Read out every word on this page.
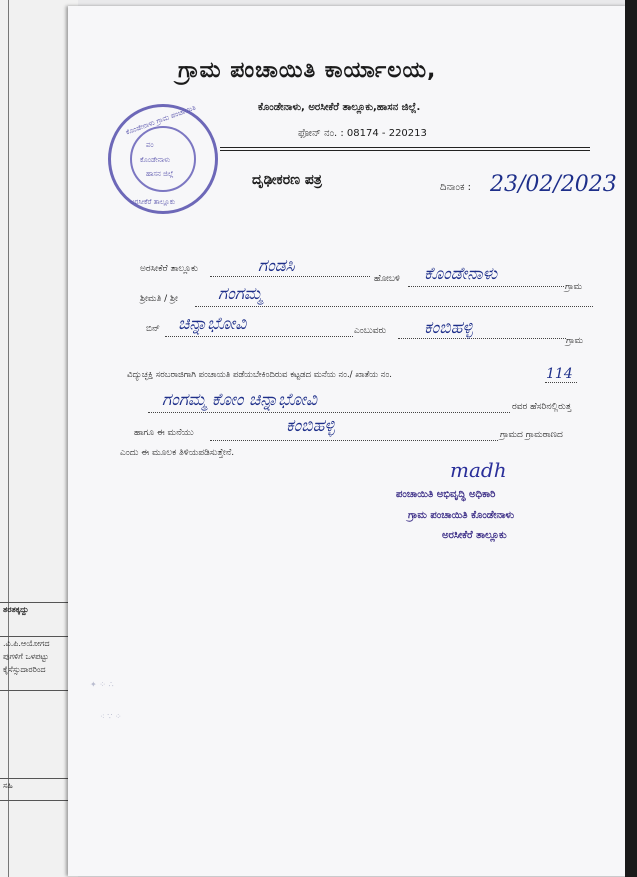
ತರತಕ್ಕದ್ದು
.ವಿ.ಪಿ.ಆಯೋಗದ
ಪುಗಳಿಗೆ ಒಳಪಟ್ಟು
ಕೈಸೆಸ್ಸುದಾರರಿಂದ
ಸಹಿ
ಗ್ರಾಮ ಪಂಚಾಯಿತಿ ಕಾರ್ಯಾಲಯ,
ಕೊಂಡೇನಾಳು, ಅರಸೀಕೆರೆ ತಾಲ್ಲೂಕು,ಹಾಸನ ಜಿಲ್ಲೆ.
ಫೋನ್ ನಂ. : 08174 - 220213
ಕೊಂಡೇನಾಳು ಗ್ರಾಮ ಪಂಚಾಯಿತಿ
ಅರಸೀಕೆರೆ ತಾಲ್ಲೂಕು
ಪಂ
ಕೊಂಡೇನಾಳು
ಹಾಸನ ಜಿಲ್ಲೆ	ದೃಢೀಕರಣ ಪತ್ರ	ದಿನಾಂಕ : 23/02/2023
ಅರಸೀಕೆರೆ ತಾಲ್ಲೂಕು	ಗಂಡಸಿ
ಹೋಬಳಿ ಕೊಂಡೇನಾಳು
ಗ್ರಾಮ
ಶ್ರೀಮತಿ / ಶ್ರೀ ಗಂಗಮ್ಮ
ಬಿನ್ ಚಿನ್ನಾಭೋವಿ	ಎಂಬುವರು ಕಂಬಿಹಳ್ಳಿ
ಗ್ರಾಮ
ವಿದ್ಯುಚ್ಛಕ್ತಿ ಸರಬರಾಜಿಗಾಗಿ ಪಂಚಾಯತಿ ಪಡೆಯಬೇಕಿಂದಿರುವ ಕಟ್ಟಡದ ಮನೆಯ ನಂ./ ಖಾತೆಯ ನಂ.	114
ಗಂಗಮ್ಮ ಕೋಂ ಚಿನ್ನಾಭೋವಿ	ರವರ ಹೆಸರಿನಲ್ಲಿರುತ್ತ
ಹಾಗೂ ಈ ಮನೆಯು	ಕಂಬಿಹಳ್ಳಿ	ಗ್ರಾಮದ ಗ್ರಾಮಠಾಣದ
ಎಂದು ಈ ಮೂಲಕ ತಿಳಿಯಪಡಿಸುತ್ತೇನೆ.
madh
ಪಂಚಾಯಿತಿ ಅಭಿವೃದ್ಧಿ ಅಧಿಕಾರಿ
ಗ್ರಾಮ ಪಂಚಾಯಿತಿ ಕೊಂಡೇನಾಳು
ಅರಸೀಕೆರೆ ತಾಲ್ಲೂಕು
✦ ⁘ ∴
⁖ ∵ ⁘
